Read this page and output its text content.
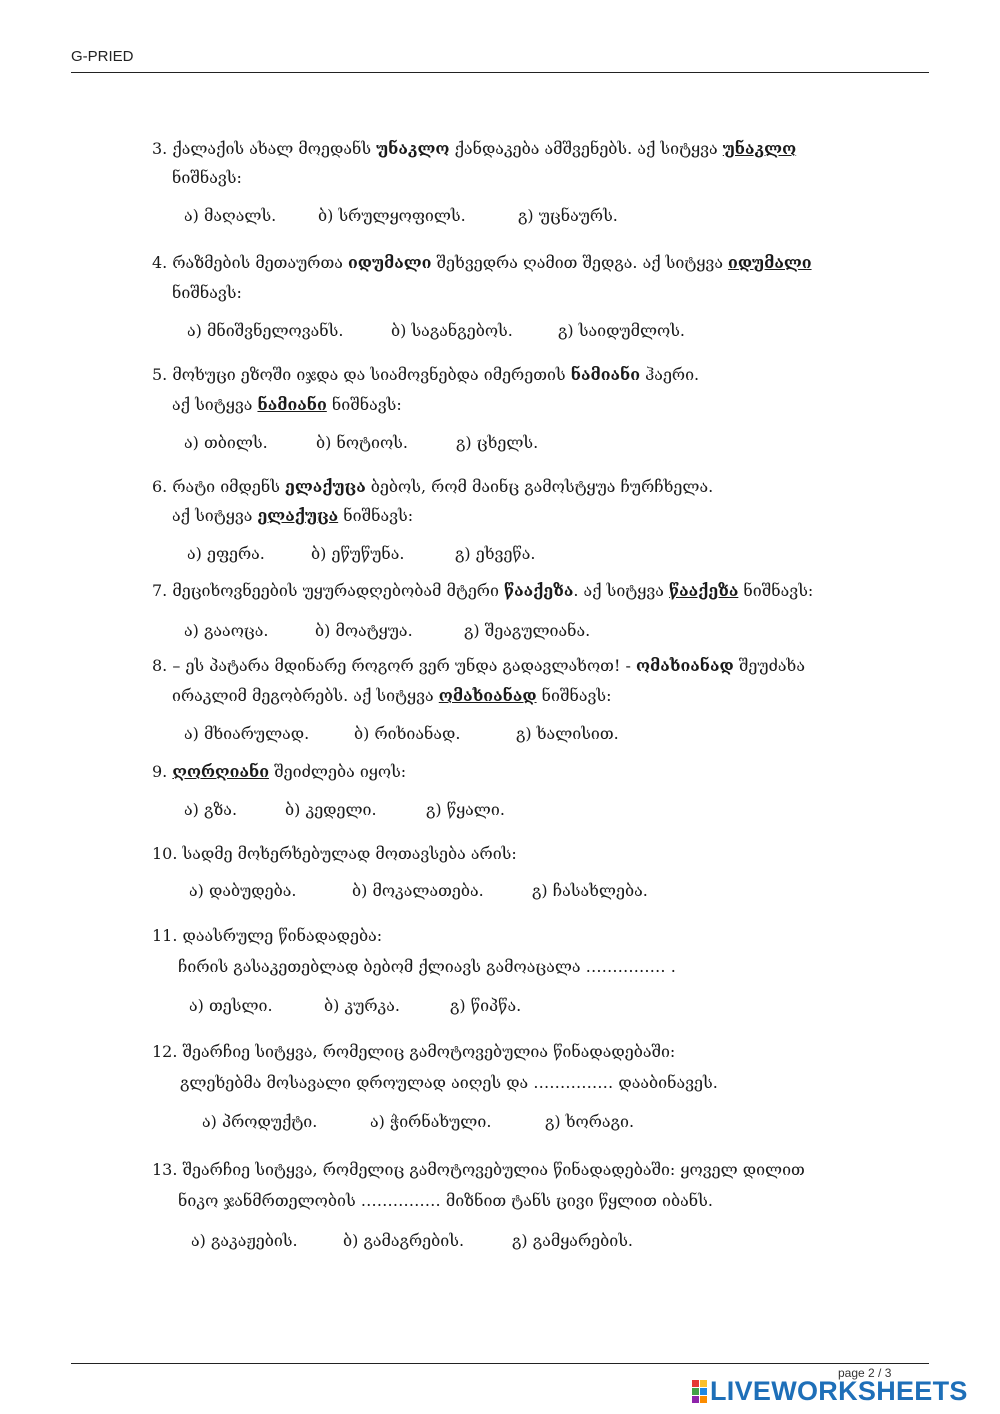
G-PRIED
3. ქალაქის ახალ მოედანს უნაკლო ქანდაკება ამშვენებს. აქ სიტყვა უნაკლო
ნიშნავს:
ა) მაღალს.	ბ) სრულყოფილს.	გ) უცნაურს.
4. რაზმების მეთაურთა იდუმალი შეხვედრა ღამით შედგა. აქ სიტყვა იდუმალი
ნიშნავს:
ა) მნიშვნელოვანს.	ბ) საგანგებოს.	გ) საიდუმლოს.
5. მოხუცი ეზოში იჯდა და სიამოვნებდა იმერეთის ნამიანი ჰაერი.
აქ სიტყვა ნამიანი ნიშნავს:
ა) თბილს.	ბ) ნოტიოს.	გ) ცხელს.
6. რატი იმდენს ელაქუცა ბებოს, რომ მაინც გამოსტყუა ჩურჩხელა.
აქ სიტყვა ელაქუცა ნიშნავს:
ა) ეფერა.	ბ) ეწუწუნა.	გ) ეხვეწა.
7. მეციხოვნეების უყურადღებობამ მტერი წააქეზა. აქ სიტყვა წააქეზა ნიშნავს:
ა) გააოცა.	ბ) მოატყუა.	გ) შეაგულიანა.
8. – ეს პატარა მდინარე როგორ ვერ უნდა გადავლახოთ! - ომახიანად შეუძახა
ირაკლიმ მეგობრებს. აქ სიტყვა ომახიანად ნიშნავს:
ა) მხიარულად.	ბ) რიხიანად.	გ) ხალისით.
9. ღორღიანი შეიძლება იყოს:
ა) გზა.	ბ) კედელი.	გ) წყალი.
10. სადმე მოხერხებულად მოთავსება არის:
ა) დაბუდება.	ბ) მოკალათება.	გ) ჩასახლება.
11. დაასრულე წინადადება:
ჩირის გასაკეთებლად ბებომ ქლიავს გამოაცალა …………… .
ა) თესლი.	ბ) კურკა.	გ) წიპწა.
12. შეარჩიე სიტყვა, რომელიც გამოტოვებულია წინადადებაში:
გლეხებმა მოსავალი დროულად აიღეს და …………… დააბინავეს.
ა) პროდუქტი.	ა) ჭირნახული.	გ) ხორაგი.
13. შეარჩიე სიტყვა, რომელიც გამოტოვებულია წინადადებაში: ყოველ დილით
ნიკო ჯანმრთელობის …………… მიზნით ტანს ცივი წყლით იბანს.
ა) გაკაჟების.	ბ) გამაგრების.	გ) გამყარების.
page 2 / 3
LIVEWORKSHEETS
